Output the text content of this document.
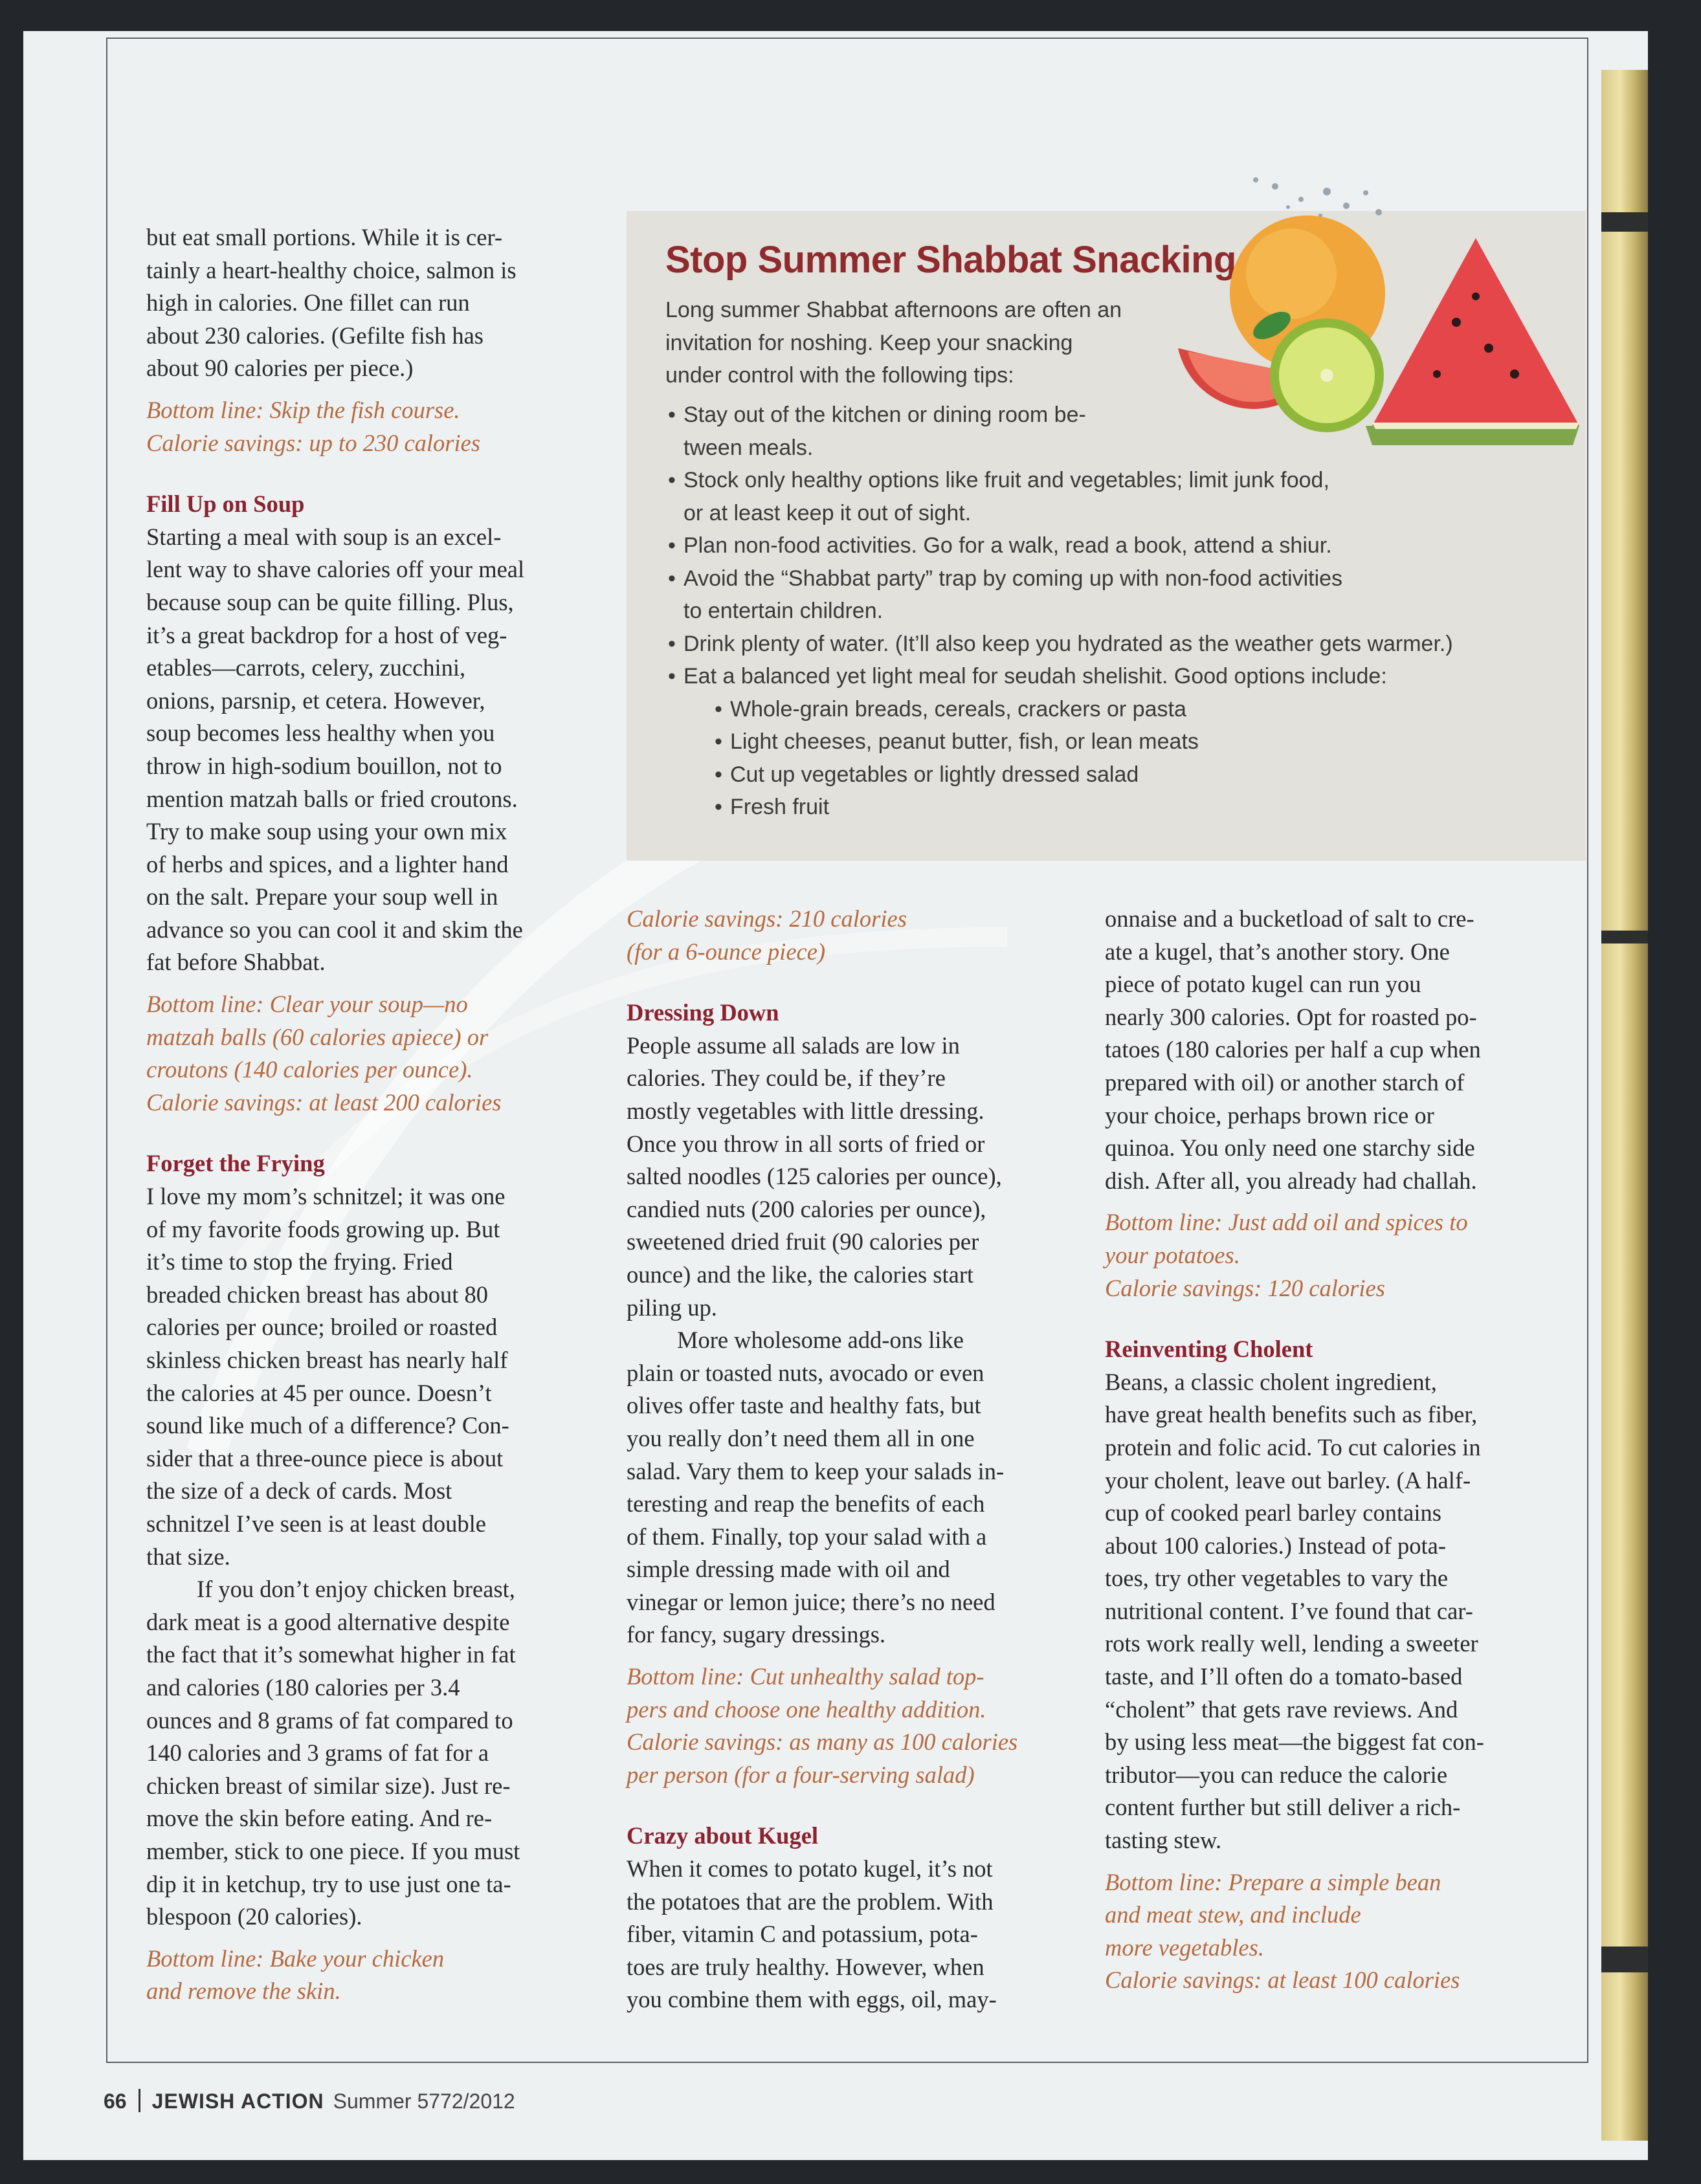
but eat small portions. While it is cer-

tainly a heart-healthy choice, salmon is

high in calories. One fillet can run

about 230 calories. (Gefilte fish has

about 90 calories per piece.)

Bottom line: Skip the fish course.

Calorie savings: up to 230 calories

Fill Up on Soup

Starting a meal with soup is an excel-

lent way to shave calories off your meal

because soup can be quite filling. Plus,

it’s a great backdrop for a host of veg-

etables—carrots, celery, zucchini,

onions, parsnip, et cetera. However,

soup becomes less healthy when you

throw in high-sodium bouillon, not to

mention matzah balls or fried croutons.

Try to make soup using your own mix

of herbs and spices, and a lighter hand

on the salt. Prepare your soup well in

advance so you can cool it and skim the

fat before Shabbat.

Bottom line: Clear your soup—no

matzah balls (60 calories apiece) or

croutons (140 calories per ounce).

Calorie savings: at least 200 calories

Forget the Frying

I love my mom’s schnitzel; it was one

of my favorite foods growing up. But

it’s time to stop the frying. Fried

breaded chicken breast has about 80

calories per ounce; broiled or roasted

skinless chicken breast has nearly half

the calories at 45 per ounce. Doesn’t

sound like much of a difference? Con-

sider that a three-ounce piece is about

the size of a deck of cards. Most

schnitzel I’ve seen is at least double

that size.

If you don’t enjoy chicken breast,

dark meat is a good alternative despite

the fact that it’s somewhat higher in fat

and calories (180 calories per 3.4

ounces and 8 grams of fat compared to

140 calories and 3 grams of fat for a

chicken breast of similar size). Just re-

move the skin before eating. And re-

member, stick to one piece. If you must

dip it in ketchup, try to use just one ta-

blespoon (20 calories).

Bottom line: Bake your chicken

and remove the skin.

Stop Summer Shabbat Snacking
Long summer Shabbat afternoons are often an
invitation for noshing. Keep your snacking
under control with the following tips:
• Stay out of the kitchen or dining room be-
tween meals.
• Stock only healthy options like fruit and vegetables; limit junk food,
or at least keep it out of sight.
• Plan non-food activities. Go for a walk, read a book, attend a shiur.
• Avoid the “Shabbat party” trap by coming up with non-food activities
to entertain children.
• Drink plenty of water. (It’ll also keep you hydrated as the weather gets warmer.)
• Eat a balanced yet light meal for seudah shelishit. Good options include:
• Whole-grain breads, cereals, crackers or pasta
• Light cheeses, peanut butter, fish, or lean meats
• Cut up vegetables or lightly dressed salad
• Fresh fruit

Calorie savings: 210 calories

(for a 6-ounce piece)

Dressing Down

People assume all salads are low in

calories. They could be, if they’re

mostly vegetables with little dressing.

Once you throw in all sorts of fried or

salted noodles (125 calories per ounce),

candied nuts (200 calories per ounce),

sweetened dried fruit (90 calories per

ounce) and the like, the calories start

piling up.

More wholesome add-ons like

plain or toasted nuts, avocado or even

olives offer taste and healthy fats, but

you really don’t need them all in one

salad. Vary them to keep your salads in-

teresting and reap the benefits of each

of them. Finally, top your salad with a

simple dressing made with oil and

vinegar or lemon juice; there’s no need

for fancy, sugary dressings.

Bottom line: Cut unhealthy salad top-

pers and choose one healthy addition.

Calorie savings: as many as 100 calories

per person (for a four-serving salad)

Crazy about Kugel

When it comes to potato kugel, it’s not

the potatoes that are the problem. With

fiber, vitamin C and potassium, pota-

toes are truly healthy. However, when

you combine them with eggs, oil, may-

onnaise and a bucketload of salt to cre-

ate a kugel, that’s another story. One

piece of potato kugel can run you

nearly 300 calories. Opt for roasted po-

tatoes (180 calories per half a cup when

prepared with oil) or another starch of

your choice, perhaps brown rice or

quinoa. You only need one starchy side

dish. After all, you already had challah.

Bottom line: Just add oil and spices to

your potatoes.

Calorie savings: 120 calories

Reinventing Cholent

Beans, a classic cholent ingredient,

have great health benefits such as fiber,

protein and folic acid. To cut calories in

your cholent, leave out barley. (A half-

cup of cooked pearl barley contains

about 100 calories.) Instead of pota-

toes, try other vegetables to vary the

nutritional content. I’ve found that car-

rots work really well, lending a sweeter

taste, and I’ll often do a tomato-based

“cholent” that gets rave reviews. And

by using less meat—the biggest fat con-

tributor—you can reduce the calorie

content further but still deliver a rich-

tasting stew.

Bottom line: Prepare a simple bean

and meat stew, and include

more vegetables.

Calorie savings: at least 100 calories

66 JEWISH ACTION Summer 5772/2012
